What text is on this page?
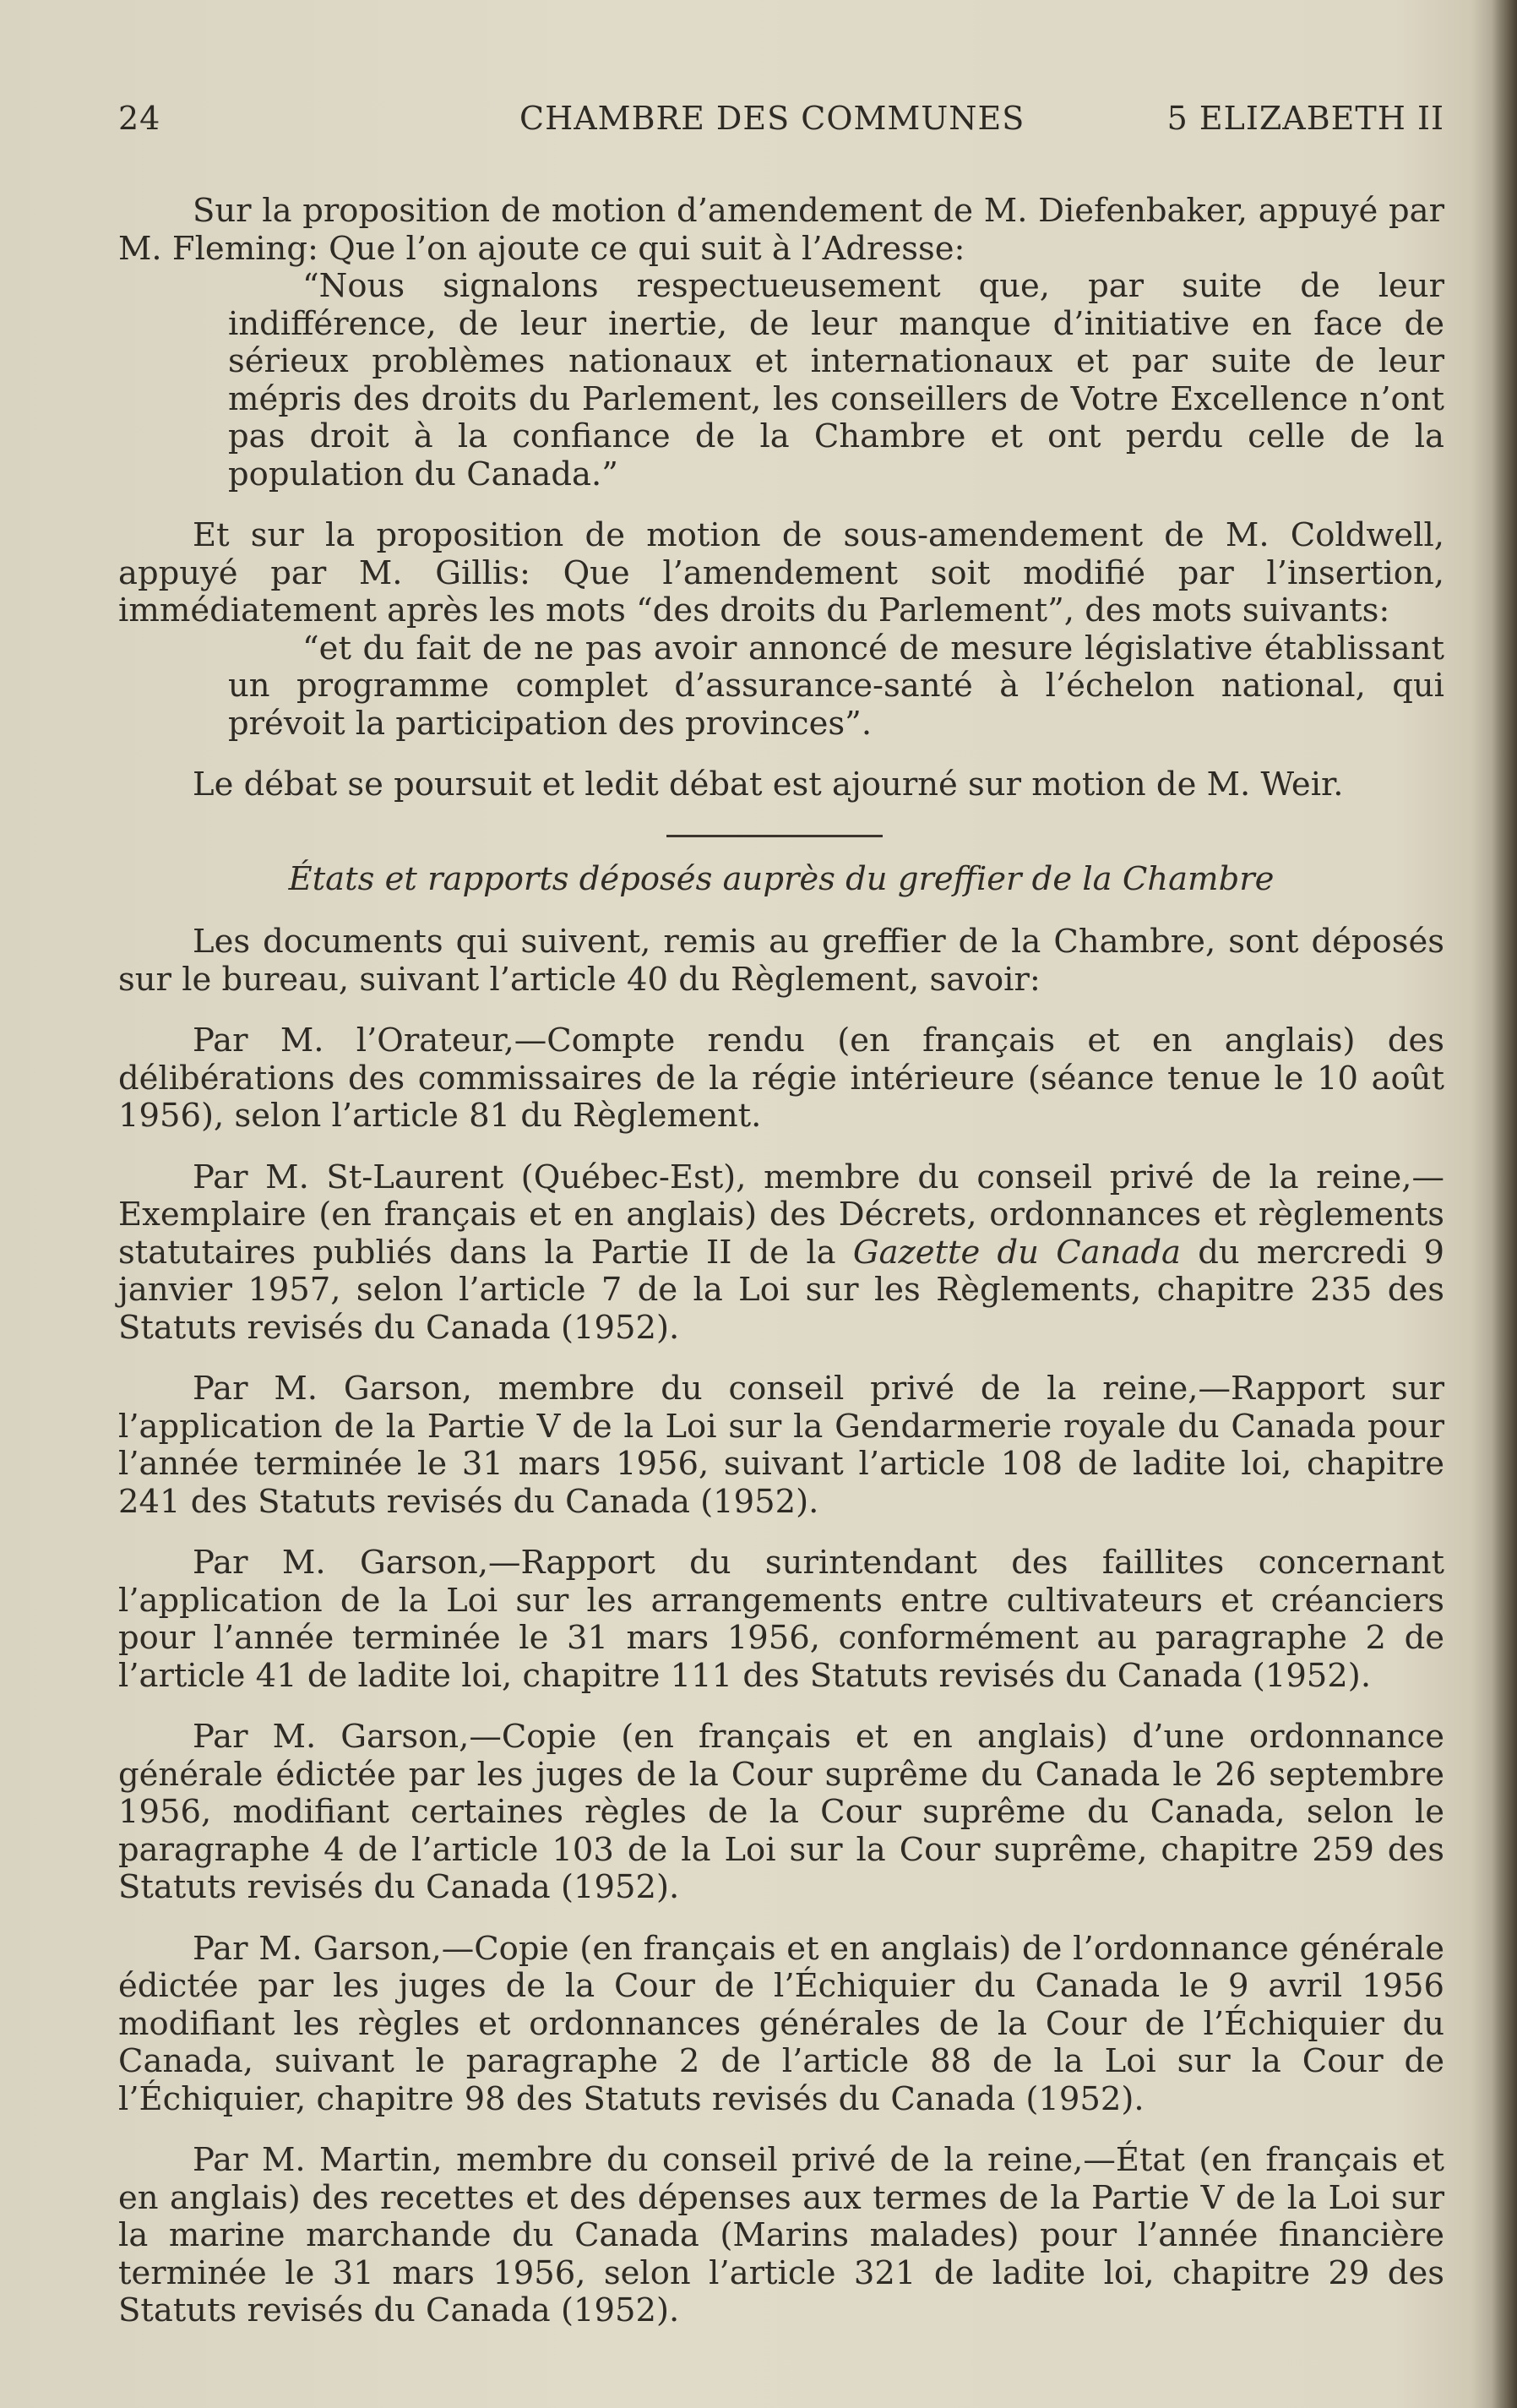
24	CHAMBRE DES COMMUNES	5 ELIZABETH II

Sur la proposition de motion d’amendement de M. Diefenbaker, appuyé par M. Fleming: Que l’on ajoute ce qui suit à l’Adresse:

“Nous signalons respectueusement que, par suite de leur indifférence, de leur inertie, de leur manque d’initiative en face de sérieux problèmes nationaux et internationaux et par suite de leur mépris des droits du Parlement, les conseillers de Votre Excellence n’ont pas droit à la confiance de la Chambre et ont perdu celle de la population du Canada.”

Et sur la proposition de motion de sous-amendement de M. Coldwell, appuyé par M. Gillis: Que l’amendement soit modifié par l’insertion, immédiatement après les mots “des droits du Parlement”, des mots suivants:

“et du fait de ne pas avoir annoncé de mesure législative établissant un programme complet d’assurance-santé à l’échelon national, qui prévoit la participation des provinces”.

Le débat se poursuit et ledit débat est ajourné sur motion de M. Weir.

États et rapports déposés auprès du greffier de la Chambre

Les documents qui suivent, remis au greffier de la Chambre, sont déposés sur le bureau, suivant l’article 40 du Règlement, savoir:

Par M. l’Orateur,—Compte rendu (en français et en anglais) des délibérations des commissaires de la régie intérieure (séance tenue le 10 août 1956), selon l’article 81 du Règlement.

Par M. St-Laurent (Québec-Est), membre du conseil privé de la reine,—Exemplaire (en français et en anglais) des Décrets, ordonnances et règlements statutaires publiés dans la Partie II de la Gazette du Canada du mercredi 9 janvier 1957, selon l’article 7 de la Loi sur les Règlements, chapitre 235 des Statuts revisés du Canada (1952).

Par M. Garson, membre du conseil privé de la reine,—Rapport sur l’application de la Partie V de la Loi sur la Gendarmerie royale du Canada pour l’année terminée le 31 mars 1956, suivant l’article 108 de ladite loi, chapitre 241 des Statuts revisés du Canada (1952).

Par M. Garson,—Rapport du surintendant des faillites concernant l’application de la Loi sur les arrangements entre cultivateurs et créanciers pour l’année terminée le 31 mars 1956, conformément au paragraphe 2 de l’article 41 de ladite loi, chapitre 111 des Statuts revisés du Canada (1952).

Par M. Garson,—Copie (en français et en anglais) d’une ordonnance générale édictée par les juges de la Cour suprême du Canada le 26 septembre 1956, modifiant certaines règles de la Cour suprême du Canada, selon le paragraphe 4 de l’article 103 de la Loi sur la Cour suprême, chapitre 259 des Statuts revisés du Canada (1952).

Par M. Garson,—Copie (en français et en anglais) de l’ordonnance générale édictée par les juges de la Cour de l’Échiquier du Canada le 9 avril 1956 modifiant les règles et ordonnances générales de la Cour de l’Échiquier du Canada, suivant le paragraphe 2 de l’article 88 de la Loi sur la Cour de l’Échiquier, chapitre 98 des Statuts revisés du Canada (1952).

Par M. Martin, membre du conseil privé de la reine,—État (en français et en anglais) des recettes et des dépenses aux termes de la Partie V de la Loi sur la marine marchande du Canada (Marins malades) pour l’année financière terminée le 31 mars 1956, selon l’article 321 de ladite loi, chapitre 29 des Statuts revisés du Canada (1952).
